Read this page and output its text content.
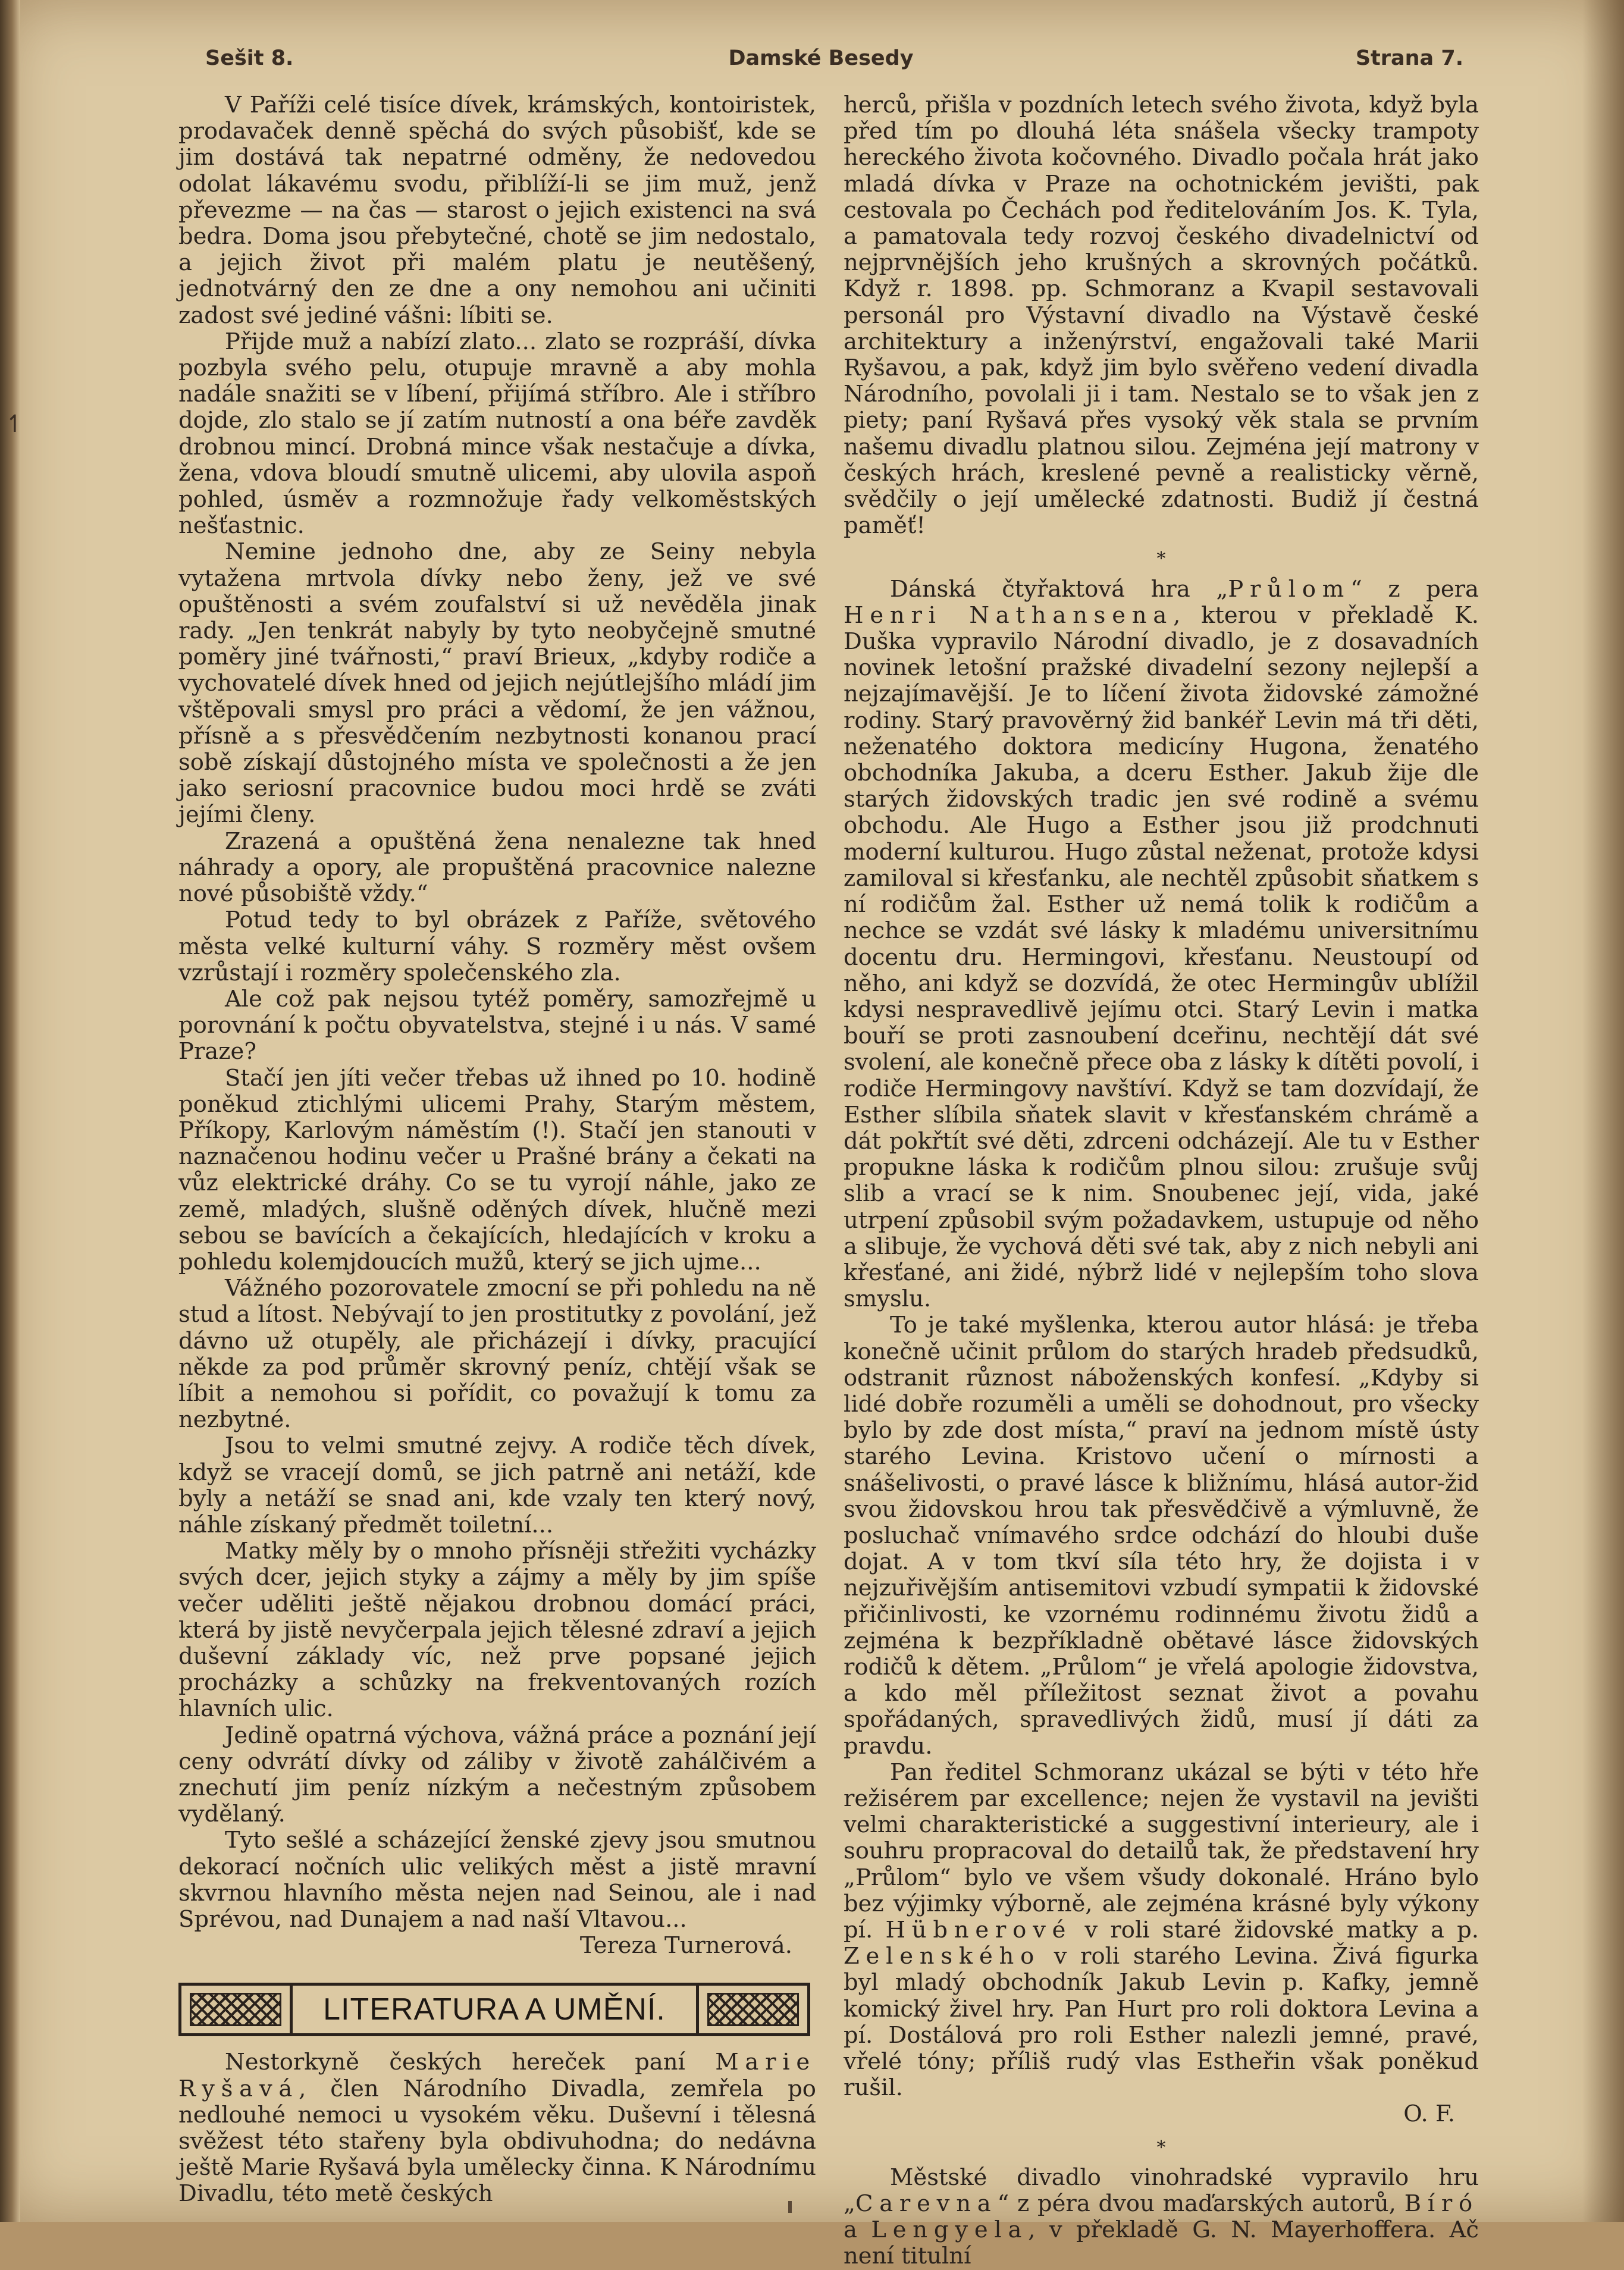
Sešit 8.	Damské Besedy	Strana 7.
↿

V Paříži celé tisíce dívek, krámských, kontoiristek, prodavaček denně spěchá do svých působišť, kde se jim dostává tak nepatrné odměny, že nedovedou odolat lákavému svodu, přiblíží-li se jim muž, jenž převezme — na čas — starost o jejich existenci na svá bedra. Doma jsou přebytečné, chotě se jim nedostalo, a jejich život při malém platu je neutěšený, jednotvárný den ze dne a ony nemohou ani učiniti zadost své jediné vášni: líbiti se.

Přijde muž a nabízí zlato... zlato se rozpráší, dívka pozbyla svého pelu, otupuje mravně a aby mohla nadále snažiti se v líbení, přijímá stříbro. Ale i stříbro dojde, zlo stalo se jí zatím nutností a ona béře zavděk drobnou mincí. Drobná mince však nestačuje a dívka, žena, vdova bloudí smutně ulicemi, aby ulovila aspoň pohled, úsměv a rozmnožuje řady velkoměstských nešťastnic.

Nemine jednoho dne, aby ze Seiny nebyla vytažena mrtvola dívky nebo ženy, jež ve své opuštěnosti a svém zoufalství si už nevěděla jinak rady. „Jen tenkrát nabyly by tyto neobyčejně smutné poměry jiné tvářnosti,“ praví Brieux, „kdyby rodiče a vychovatelé dívek hned od jejich nejútlejšího mládí jim vštěpovali smysl pro práci a vědomí, že jen vážnou, přísně a s přesvědčením nezbytnosti konanou prací sobě získají důstojného místa ve společnosti a že jen jako seriosní pracovnice budou moci hrdě se zváti jejími členy.

Zrazená a opuštěná žena nenalezne tak hned náhrady a opory, ale propuštěná pracovnice nalezne nové působiště vždy.“

Potud tedy to byl obrázek z Paříže, světového města velké kulturní váhy. S rozměry měst ovšem vzrůstají i rozměry společenského zla.

Ale což pak nejsou tytéž poměry, samozřejmě u porovnání k počtu obyvatelstva, stejné i u nás. V samé Praze?

Stačí jen jíti večer třebas už ihned po 10. hodině poněkud ztichlými ulicemi Prahy, Starým městem, Příkopy, Karlovým náměstím (!). Stačí jen stanouti v naznačenou hodinu večer u Prašné brány a čekati na vůz elektrické dráhy. Co se tu vyrojí náhle, jako ze země, mladých, slušně oděných dívek, hlučně mezi sebou se bavících a čekajících, hledajících v kroku a pohledu kolemjdoucích mužů, který se jich ujme...

Vážného pozorovatele zmocní se při pohledu na ně stud a lítost. Nebývají to jen prostitutky z povolání, jež dávno už otupěly, ale přicházejí i dívky, pracující někde za pod průměr skrovný peníz, chtějí však se líbit a nemohou si pořídit, co považují k tomu za nezbytné.

Jsou to velmi smutné zejvy. A rodiče těch dívek, když se vracejí domů, se jich patrně ani netáží, kde byly a netáží se snad ani, kde vzaly ten který nový, náhle získaný předmět toiletní...

Matky měly by o mnoho přísněji střežiti vycházky svých dcer, jejich styky a zájmy a měly by jim spíše večer uděliti ještě nějakou drobnou domácí práci, která by jistě nevyčerpala jejich tělesné zdraví a jejich duševní základy víc, než prve popsané jejich procházky a schůzky na frekventovaných rozích hlavních ulic.

Jedině opatrná výchova, vážná práce a poznání její ceny odvrátí dívky od záliby v životě zahálčivém a znechutí jim peníz nízkým a nečestným způsobem vydělaný.

Tyto sešlé a scházející ženské zjevy jsou smutnou dekorací nočních ulic velikých měst a jistě mravní skvrnou hlavního města nejen nad Seinou, ale i nad Sprévou, nad Dunajem a nad naší Vltavou...

Tereza Turnerová.

LITERATURA A UMĚNÍ.

Nestorkyně českých hereček paní Marie Ryšavá, člen Národního Divadla, zemřela po nedlouhé nemoci u vysokém věku. Duševní i tělesná svěžest této stařeny byla obdivuhodna; do nedávna ještě Marie Ryšavá byla umělecky činna. K Národnímu Divadlu, této metě českých

herců, přišla v pozdních letech svého života, když byla před tím po dlouhá léta snášela všecky trampoty hereckého života kočovného. Divadlo počala hrát jako mladá dívka v Praze na ochotnickém jevišti, pak cestovala po Čechách pod ředitelováním Jos. K. Tyla, a pamatovala tedy rozvoj českého divadelnictví od nejprvnějších jeho krušných a skrovných počátků. Když r. 1898. pp. Schmoranz a Kvapil sestavovali personál pro Výstavní divadlo na Výstavě české architektury a inženýrství, engažovali také Marii Ryšavou, a pak, když jim bylo svěřeno vedení divadla Národního, povolali ji i tam. Nestalo se to však jen z piety; paní Ryšavá přes vysoký věk stala se prvním našemu divadlu platnou silou. Zejména její matrony v českých hrách, kreslené pevně a realisticky věrně, svědčily o její umělecké zdatnosti. Budiž jí čestná paměť!

*

Dánská čtyřaktová hra „Průlom“ z pera Henri Nathansena, kterou v překladě K. Duška vypravilo Národní divadlo, je z dosavadních novinek letošní pražské divadelní sezony nejlepší a nejzajímavější. Je to líčení života židovské zámožné rodiny. Starý pravověrný žid bankéř Levin má tři děti, neženatého doktora medicíny Hugona, ženatého obchodníka Jakuba, a dceru Esther. Jakub žije dle starých židovských tradic jen své rodině a svému obchodu. Ale Hugo a Esther jsou již prodchnuti moderní kulturou. Hugo zůstal neženat, protože kdysi zamiloval si křesťanku, ale nechtěl způsobit sňatkem s ní rodičům žal. Esther už nemá tolik k rodičům a nechce se vzdát své lásky k mladému universitnímu docentu dru. Hermingovi, křesťanu. Neustoupí od něho, ani když se dozvídá, že otec Hermingův ublížil kdysi nespravedlivě jejímu otci. Starý Levin i matka bouří se proti zasnoubení dceřinu, nechtějí dát své svolení, ale konečně přece oba z lásky k dítěti povolí, i rodiče Hermingovy navštíví. Když se tam dozvídají, že Esther slíbila sňatek slavit v křesťanském chrámě a dát pokřtít své děti, zdrceni odcházejí. Ale tu v Esther propukne láska k rodičům plnou silou: zrušuje svůj slib a vrací se k nim. Snoubenec její, vida, jaké utrpení způsobil svým požadavkem, ustupuje od něho a slibuje, že vychová děti své tak, aby z nich nebyli ani křesťané, ani židé, nýbrž lidé v nejlepším toho slova smyslu.

To je také myšlenka, kterou autor hlásá: je třeba konečně učinit průlom do starých hradeb předsudků, odstranit různost náboženských konfesí. „Kdyby si lidé dobře rozuměli a uměli se dohodnout, pro všecky bylo by zde dost místa,“ praví na jednom místě ústy starého Levina. Kristovo učení o mírnosti a snášelivosti, o pravé lásce k bližnímu, hlásá autor-žid svou židovskou hrou tak přesvědčivě a výmluvně, že posluchač vnímavého srdce odchází do hloubi duše dojat. A v tom tkví síla této hry, že dojista i v nejzuřivějším antisemitovi vzbudí sympatii k židovské přičinlivosti, ke vzornému rodinnému životu židů a zejména k bezpříkladně obětavé lásce židovských rodičů k dětem. „Průlom“ je vřelá apologie židovstva, a kdo měl příležitost seznat život a povahu spořádaných, spravedlivých židů, musí jí dáti za pravdu.

Pan ředitel Schmoranz ukázal se býti v této hře režisérem par excellence; nejen že vystavil na jevišti velmi charakteristické a suggestivní interieury, ale i souhru propracoval do detailů tak, že představení hry „Průlom“ bylo ve všem všudy dokonalé. Hráno bylo bez výjimky výborně, ale zejména krásné byly výkony pí. Hübnerové v roli staré židovské matky a p. Zelenského v roli starého Levina. Živá figurka byl mladý obchodník Jakub Levin p. Kafky, jemně komický živel hry. Pan Hurt pro roli doktora Levina a pí. Dostálová pro roli Esther nalezli jemné, pravé, vřelé tóny; příliš rudý vlas Estheřin však poněkud rušil.

O. F.

*

Městské divadlo vinohradské vypravilo hru „Carevna“ z péra dvou maďarských autorů, Bíró a Lengyela, v překladě G. N. Mayerhoffera. Ač není titulní
